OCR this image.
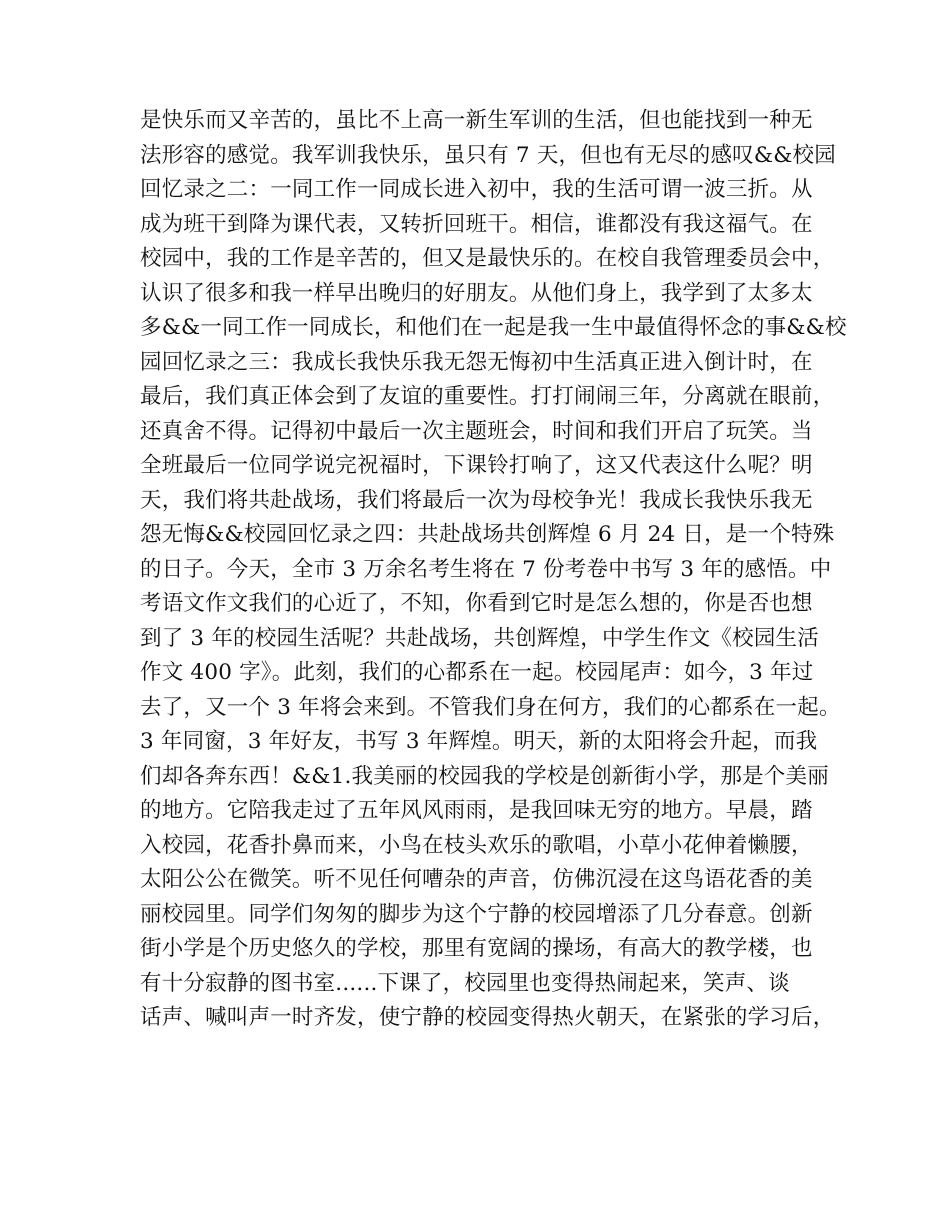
是快乐而又辛苦的，虽比不上高一新生军训的生活，但也能找到一种无
法形容的感觉。我军训我快乐，虽只有 7 天，但也有无尽的感叹&&校园
回忆录之二：一同工作一同成长进入初中，我的生活可谓一波三折。从
成为班干到降为课代表，又转折回班干。相信，谁都没有我这福气。在
校园中，我的工作是辛苦的，但又是最快乐的。在校自我管理委员会中，
认识了很多和我一样早出晚归的好朋友。从他们身上，我学到了太多太
多&&一同工作一同成长，和他们在一起是我一生中最值得怀念的事&&校
园回忆录之三：我成长我快乐我无怨无悔初中生活真正进入倒计时，在
最后，我们真正体会到了友谊的重要性。打打闹闹三年，分离就在眼前，
还真舍不得。记得初中最后一次主题班会，时间和我们开启了玩笑。当
全班最后一位同学说完祝福时，下课铃打响了，这又代表这什么呢？明
天，我们将共赴战场，我们将最后一次为母校争光！我成长我快乐我无
怨无悔&&校园回忆录之四：共赴战场共创辉煌 6 月 24 日，是一个特殊
的日子。今天，全市 3 万余名考生将在 7 份考卷中书写 3 年的感悟。中
考语文作文我们的心近了，不知，你看到它时是怎么想的，你是否也想
到了 3 年的校园生活呢？共赴战场，共创辉煌，中学生作文《校园生活
作文 400 字》。此刻，我们的心都系在一起。校园尾声：如今，3 年过
去了，又一个 3 年将会来到。不管我们身在何方，我们的心都系在一起。
3 年同窗，3 年好友，书写 3 年辉煌。明天，新的太阳将会升起，而我
们却各奔东西！&&1.我美丽的校园我的学校是创新街小学，那是个美丽
的地方。它陪我走过了五年风风雨雨，是我回味无穷的地方。早晨，踏
入校园，花香扑鼻而来，小鸟在枝头欢乐的歌唱，小草小花伸着懒腰，
太阳公公在微笑。听不见任何嘈杂的声音，仿佛沉浸在这鸟语花香的美
丽校园里。同学们匆匆的脚步为这个宁静的校园增添了几分春意。创新
街小学是个历史悠久的学校，那里有宽阔的操场，有高大的教学楼，也
有十分寂静的图书室......下课了，校园里也变得热闹起来，笑声、谈
话声、喊叫声一时齐发，使宁静的校园变得热火朝天，在紧张的学习后，
